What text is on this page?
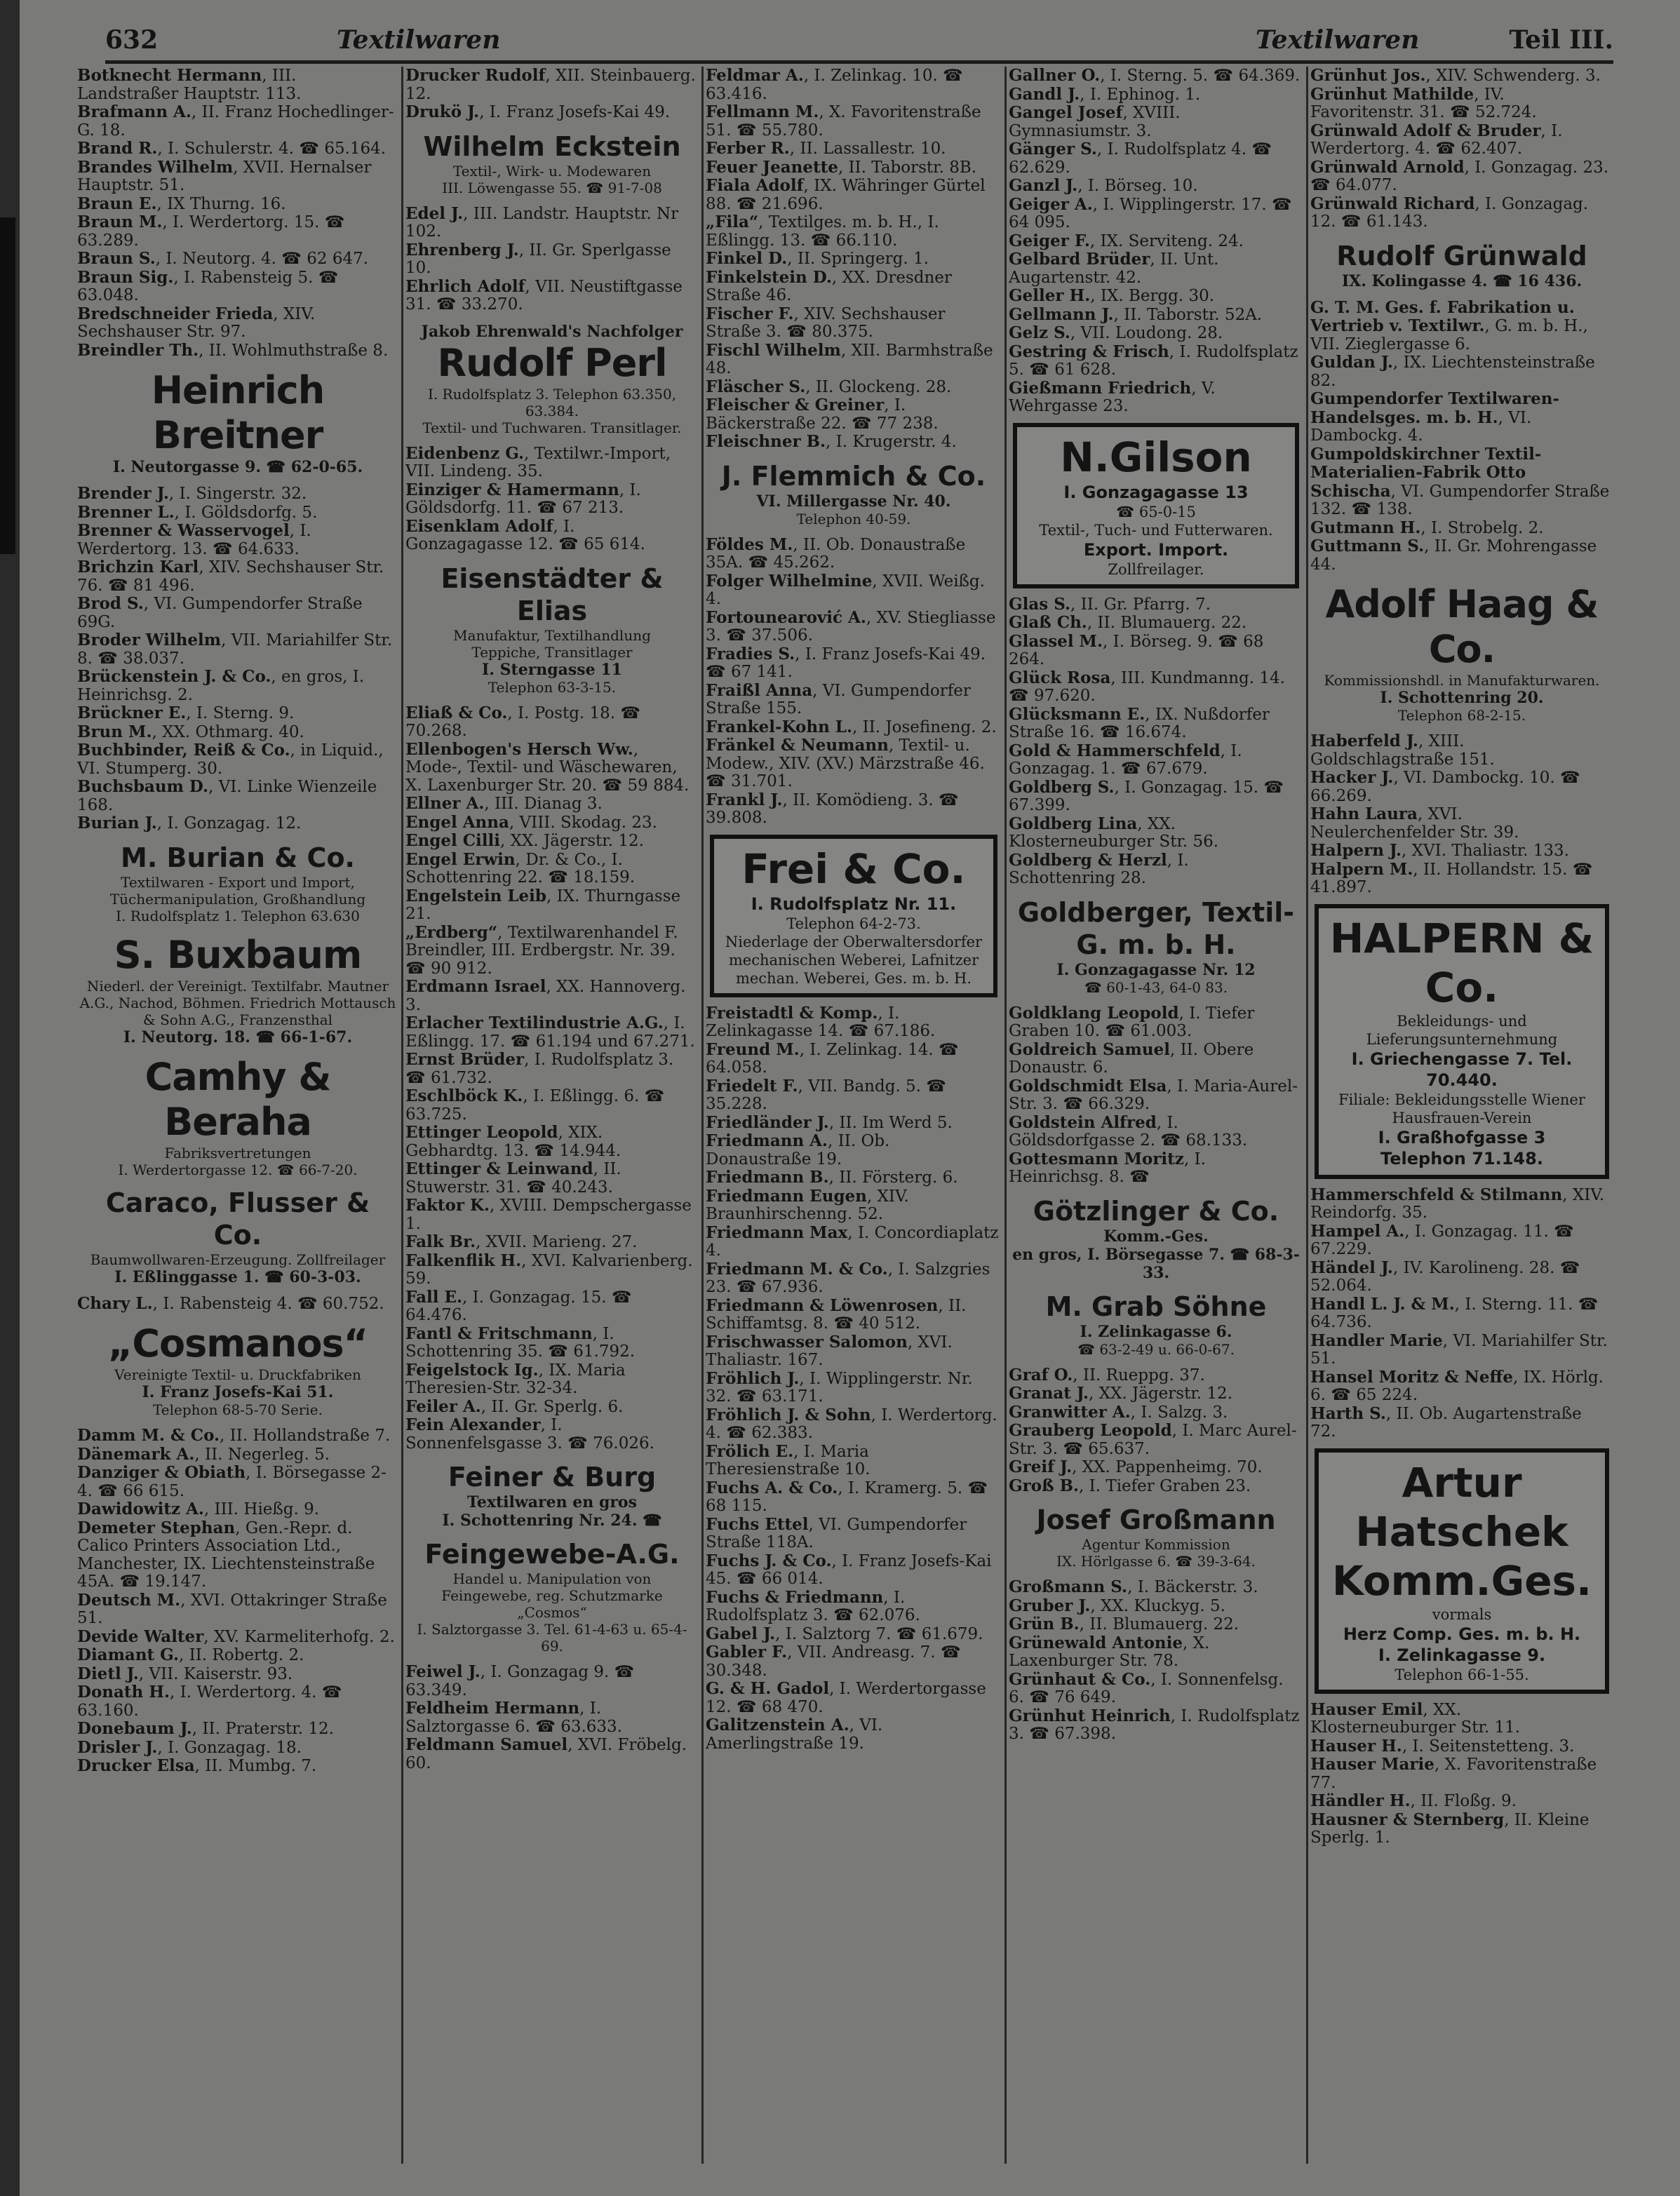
632	Textilwaren	Textilwaren	Teil III.
Botknecht Hermann, III. Landstraßer Hauptstr. 113.
Brafmann A., II. Franz Hochedlinger-G. 18.
Brand R., I. Schulerstr. 4. ☎ 65.164.
Brandes Wilhelm, XVII. Hernalser Hauptstr. 51.
Braun E., IX Thurng. 16.
Braun M., I. Werdertorg. 15. ☎ 63.289.
Braun S., I. Neutorg. 4. ☎ 62 647.
Braun Sig., I. Rabensteig 5. ☎ 63.048.
Bredschneider Frieda, XIV. Sechshauser Str. 97.
Breindler Th., II. Wohlmuthstraße 8.
Heinrich Breitner
I. Neutorgasse 9. ☎ 62-0-65.
Brender J., I. Singerstr. 32.
Brenner L., I. Göldsdorfg. 5.
Brenner & Wasservogel, I. Werdertorg. 13. ☎ 64.633.
Brichzin Karl, XIV. Sechshauser Str. 76. ☎ 81 496.
Brod S., VI. Gumpendorfer Straße 69G.
Broder Wilhelm, VII. Mariahilfer Str. 8. ☎ 38.037.
Brückenstein J. & Co., en gros, I. Heinrichsg. 2.
Brückner E., I. Sterng. 9.
Brun M., XX. Othmarg. 40.
Buchbinder, Reiß & Co., in Liquid., VI. Stumperg. 30.
Buchsbaum D., VI. Linke Wienzeile 168.
Burian J., I. Gonzagag. 12.
M. Burian & Co.
Textilwaren - Export und Import, Tüchermanipulation, Großhandlung
I. Rudolfsplatz 1. Telephon 63.630
S. Buxbaum
Niederl. der Vereinigt. Textilfabr. Mautner A.G., Nachod, Böhmen. Friedrich Mottausch & Sohn A.G., Franzensthal
I. Neutorg. 18. ☎ 66-1-67.
Camhy & Beraha
Fabriksvertretungen
I. Werdertorgasse 12. ☎ 66-7-20.
Caraco, Flusser & Co.
Baumwollwaren-Erzeugung. Zollfreilager
I. Eßlinggasse 1. ☎ 60-3-03.
Chary L., I. Rabensteig 4. ☎ 60.752.
„Cosmanos“
Vereinigte Textil- u. Druckfabriken
I. Franz Josefs-Kai 51.
Telephon 68-5-70 Serie.
Damm M. & Co., II. Hollandstraße 7.
Dänemark A., II. Negerleg. 5.
Danziger & Obiath, I. Börsegasse 2-4. ☎ 66 615.
Dawidowitz A., III. Hießg. 9.
Demeter Stephan, Gen.-Repr. d. Calico Printers Association Ltd., Manchester, IX. Liechtensteinstraße 45A. ☎ 19.147.
Deutsch M., XVI. Ottakringer Straße 51.
Devide Walter, XV. Karmeliterhofg. 2.
Diamant G., II. Robertg. 2.
Dietl J., VII. Kaiserstr. 93.
Donath H., I. Werdertorg. 4. ☎ 63.160.
Donebaum J., II. Praterstr. 12.
Drisler J., I. Gonzagag. 18.
Drucker Elsa, II. Mumbg. 7.
Drucker Rudolf, XII. Steinbauerg. 12.
Drukö J., I. Franz Josefs-Kai 49.
Wilhelm Eckstein
Textil-, Wirk- u. Modewaren
III. Löwengasse 55. ☎ 91-7-08
Edel J., III. Landstr. Hauptstr. Nr 102.
Ehrenberg J., II. Gr. Sperlgasse 10.
Ehrlich Adolf, VII. Neustiftgasse 31. ☎ 33.270.
Jakob Ehrenwald's Nachfolger
Rudolf Perl
I. Rudolfsplatz 3. Telephon 63.350, 63.384.
Textil- und Tuchwaren. Transitlager.
Eidenbenz G., Textilwr.-Import, VII. Lindeng. 35.
Einziger & Hamermann, I. Göldsdorfg. 11. ☎ 67 213.
Eisenklam Adolf, I. Gonzagagasse 12. ☎ 65 614.
Eisenstädter & Elias
Manufaktur, Textilhandlung
Teppiche, Transitlager
I. Sterngasse 11
Telephon 63-3-15.
Eliaß & Co., I. Postg. 18. ☎ 70.268.
Ellenbogen's Hersch Ww., Mode-, Textil- und Wäschewaren, X. Laxenburger Str. 20. ☎ 59 884.
Ellner A., III. Dianag 3.
Engel Anna, VIII. Skodag. 23.
Engel Cilli, XX. Jägerstr. 12.
Engel Erwin, Dr. & Co., I. Schottenring 22. ☎ 18.159.
Engelstein Leib, IX. Thurngasse 21.
„Erdberg“, Textilwarenhandel F. Breindler, III. Erdbergstr. Nr. 39. ☎ 90 912.
Erdmann Israel, XX. Hannoverg. 3.
Erlacher Textilindustrie A.G., I. Eßlingg. 17. ☎ 61.194 und 67.271.
Ernst Brüder, I. Rudolfsplatz 3. ☎ 61.732.
Eschlböck K., I. Eßlingg. 6. ☎ 63.725.
Ettinger Leopold, XIX. Gebhardtg. 13. ☎ 14.944.
Ettinger & Leinwand, II. Stuwerstr. 31. ☎ 40.243.
Faktor K., XVIII. Dempschergasse 1.
Falk Br., XVII. Marieng. 27.
Falkenflik H., XVI. Kalvarienberg. 59.
Fall E., I. Gonzagag. 15. ☎ 64.476.
Fantl & Fritschmann, I. Schottenring 35. ☎ 61.792.
Feigelstock Ig., IX. Maria Theresien-Str. 32-34.
Feiler A., II. Gr. Sperlg. 6.
Fein Alexander, I. Sonnenfelsgasse 3. ☎ 76.026.
Feiner & Burg
Textilwaren en gros
I. Schottenring Nr. 24. ☎
Feingewebe-A.G.
Handel u. Manipulation von Feingewebe, reg. Schutzmarke „Cosmos“
I. Salztorgasse 3. Tel. 61-4-63 u. 65-4-69.
Feiwel J., I. Gonzagag 9. ☎ 63.349.
Feldheim Hermann, I. Salztorgasse 6. ☎ 63.633.
Feldmann Samuel, XVI. Fröbelg. 60.
Feldmar A., I. Zelinkag. 10. ☎ 63.416.
Fellmann M., X. Favoritenstraße 51. ☎ 55.780.
Ferber R., II. Lassallestr. 10.
Feuer Jeanette, II. Taborstr. 8B.
Fiala Adolf, IX. Währinger Gürtel 88. ☎ 21.696.
„Fila“, Textilges. m. b. H., I. Eßlingg. 13. ☎ 66.110.
Finkel D., II. Springerg. 1.
Finkelstein D., XX. Dresdner Straße 46.
Fischer F., XIV. Sechshauser Straße 3. ☎ 80.375.
Fischl Wilhelm, XII. Barmhstraße 48.
Fläscher S., II. Glockeng. 28.
Fleischer & Greiner, I. Bäckerstraße 22. ☎ 77 238.
Fleischner B., I. Krugerstr. 4.
J. Flemmich & Co.
VI. Millergasse Nr. 40.
Telephon 40-59.
Földes M., II. Ob. Donaustraße 35A. ☎ 45.262.
Folger Wilhelmine, XVII. Weißg. 4.
Fortounearović A., XV. Stiegliasse 3. ☎ 37.506.
Fradies S., I. Franz Josefs-Kai 49. ☎ 67 141.
Fraißl Anna, VI. Gumpendorfer Straße 155.
Frankel-Kohn L., II. Josefineng. 2.
Fränkel & Neumann, Textil- u. Modew., XIV. (XV.) Märzstraße 46. ☎ 31.701.
Frankl J., II. Komödieng. 3. ☎ 39.808.
Frei & Co.
I. Rudolfsplatz Nr. 11.
Telephon 64-2-73.
Niederlage der Oberwaltersdorfer mechanischen Weberei, Lafnitzer mechan. Weberei, Ges. m. b. H.
Freistadtl & Komp., I. Zelinkagasse 14. ☎ 67.186.
Freund M., I. Zelinkag. 14. ☎ 64.058.
Friedelt F., VII. Bandg. 5. ☎ 35.228.
Friedländer J., II. Im Werd 5.
Friedmann A., II. Ob. Donaustraße 19.
Friedmann B., II. Försterg. 6.
Friedmann Eugen, XIV. Braunhirschenng. 52.
Friedmann Max, I. Concordiaplatz 4.
Friedmann M. & Co., I. Salzgries 23. ☎ 67.936.
Friedmann & Löwenrosen, II. Schiffamtsg. 8. ☎ 40 512.
Frischwasser Salomon, XVI. Thaliastr. 167.
Fröhlich J., I. Wipplingerstr. Nr. 32. ☎ 63.171.
Fröhlich J. & Sohn, I. Werdertorg. 4. ☎ 62.383.
Frölich E., I. Maria Theresienstraße 10.
Fuchs A. & Co., I. Kramerg. 5. ☎ 68 115.
Fuchs Ettel, VI. Gumpendorfer Straße 118A.
Fuchs J. & Co., I. Franz Josefs-Kai 45. ☎ 66 014.
Fuchs & Friedmann, I. Rudolfsplatz 3. ☎ 62.076.
Gabel J., I. Salztorg 7. ☎ 61.679.
Gabler F., VII. Andreasg. 7. ☎ 30.348.
G. & H. Gadol, I. Werdertorgasse 12. ☎ 68 470.
Galitzenstein A., VI. Amerlingstraße 19.
Gallner O., I. Sterng. 5. ☎ 64.369.
Gandl J., I. Ephinog. 1.
Gangel Josef, XVIII. Gymnasiumstr. 3.
Gänger S., I. Rudolfsplatz 4. ☎ 62.629.
Ganzl J., I. Börseg. 10.
Geiger A., I. Wipplingerstr. 17. ☎ 64 095.
Geiger F., IX. Serviteng. 24.
Gelbard Brüder, II. Unt. Augartenstr. 42.
Geller H., IX. Bergg. 30.
Gellmann J., II. Taborstr. 52A.
Gelz S., VII. Loudong. 28.
Gestring & Frisch, I. Rudolfsplatz 5. ☎ 61 628.
Gießmann Friedrich, V. Wehrgasse 23.
N.Gilson
I. Gonzagagasse 13
☎ 65-0-15
Textil-, Tuch- und Futterwaren.
Export. Import.
Zollfreilager.
Glas S., II. Gr. Pfarrg. 7.
Glaß Ch., II. Blumauerg. 22.
Glassel M., I. Börseg. 9. ☎ 68 264.
Glück Rosa, III. Kundmanng. 14. ☎ 97.620.
Glücksmann E., IX. Nußdorfer Straße 16. ☎ 16.674.
Gold & Hammerschfeld, I. Gonzagag. 1. ☎ 67.679.
Goldberg S., I. Gonzagag. 15. ☎ 67.399.
Goldberg Lina, XX. Klosterneuburger Str. 56.
Goldberg & Herzl, I. Schottenring 28.
Goldberger, Textil-G. m. b. H.
I. Gonzagagasse Nr. 12
☎ 60-1-43, 64-0 83.
Goldklang Leopold, I. Tiefer Graben 10. ☎ 61.003.
Goldreich Samuel, II. Obere Donaustr. 6.
Goldschmidt Elsa, I. Maria-Aurel-Str. 3. ☎ 66.329.
Goldstein Alfred, I. Göldsdorfgasse 2. ☎ 68.133.
Gottesmann Moritz, I. Heinrichsg. 8. ☎
Götzlinger & Co.
Komm.-Ges.
en gros, I. Börsegasse 7. ☎ 68-3-33.
M. Grab Söhne
I. Zelinkagasse 6.
☎ 63-2-49 u. 66-0-67.
Graf O., II. Rueppg. 37.
Granat J., XX. Jägerstr. 12.
Granwitter A., I. Salzg. 3.
Grauberg Leopold, I. Marc Aurel-Str. 3. ☎ 65.637.
Greif J., XX. Pappenheimg. 70.
Groß B., I. Tiefer Graben 23.
Josef Großmann
Agentur Kommission
IX. Hörlgasse 6. ☎ 39-3-64.
Großmann S., I. Bäckerstr. 3.
Gruber J., XX. Kluckyg. 5.
Grün B., II. Blumauerg. 22.
Grünewald Antonie, X. Laxenburger Str. 78.
Grünhaut & Co., I. Sonnenfelsg. 6. ☎ 76 649.
Grünhut Heinrich, I. Rudolfsplatz 3. ☎ 67.398.
Grünhut Jos., XIV. Schwenderg. 3.
Grünhut Mathilde, IV. Favoritenstr. 31. ☎ 52.724.
Grünwald Adolf & Bruder, I. Werdertorg. 4. ☎ 62.407.
Grünwald Arnold, I. Gonzagag. 23. ☎ 64.077.
Grünwald Richard, I. Gonzagag. 12. ☎ 61.143.
Rudolf Grünwald
IX. Kolingasse 4. ☎ 16 436.
G. T. M. Ges. f. Fabrikation u. Vertrieb v. Textilwr., G. m. b. H., VII. Zieglergasse 6.
Guldan J., IX. Liechtensteinstraße 82.
Gumpendorfer Textilwaren-Handelsges. m. b. H., VI. Dambockg. 4.
Gumpoldskirchner Textil-Materialien-Fabrik Otto Schischa, VI. Gumpendorfer Straße 132. ☎ 138.
Gutmann H., I. Strobelg. 2.
Guttmann S., II. Gr. Mohrengasse 44.
Adolf Haag & Co.
Kommissionshdl. in Manufakturwaren.
I. Schottenring 20.
Telephon 68-2-15.
Haberfeld J., XIII. Goldschlagstraße 151.
Hacker J., VI. Dambockg. 10. ☎ 66.269.
Hahn Laura, XVI. Neulerchenfelder Str. 39.
Halpern J., XVI. Thaliastr. 133.
Halpern M., II. Hollandstr. 15. ☎ 41.897.
HALPERN & Co.
Bekleidungs- und Lieferungsunternehmung
I. Griechengasse 7. Tel. 70.440.
Filiale: Bekleidungsstelle Wiener Hausfrauen-Verein
I. Graßhofgasse 3
Telephon 71.148.
Hammerschfeld & Stilmann, XIV. Reindorfg. 35.
Hampel A., I. Gonzagag. 11. ☎ 67.229.
Händel J., IV. Karolineng. 28. ☎ 52.064.
Handl L. J. & M., I. Sterng. 11. ☎ 64.736.
Handler Marie, VI. Mariahilfer Str. 51.
Hansel Moritz & Neffe, IX. Hörlg. 6. ☎ 65 224.
Harth S., II. Ob. Augartenstraße 72.
Artur Hatschek Komm.Ges.
vormals
Herz Comp. Ges. m. b. H.
I. Zelinkagasse 9.
Telephon 66-1-55.
Hauser Emil, XX. Klosterneuburger Str. 11.
Hauser H., I. Seitenstetteng. 3.
Hauser Marie, X. Favoritenstraße 77.
Händler H., II. Floßg. 9.
Hausner & Sternberg, II. Kleine Sperlg. 1.
